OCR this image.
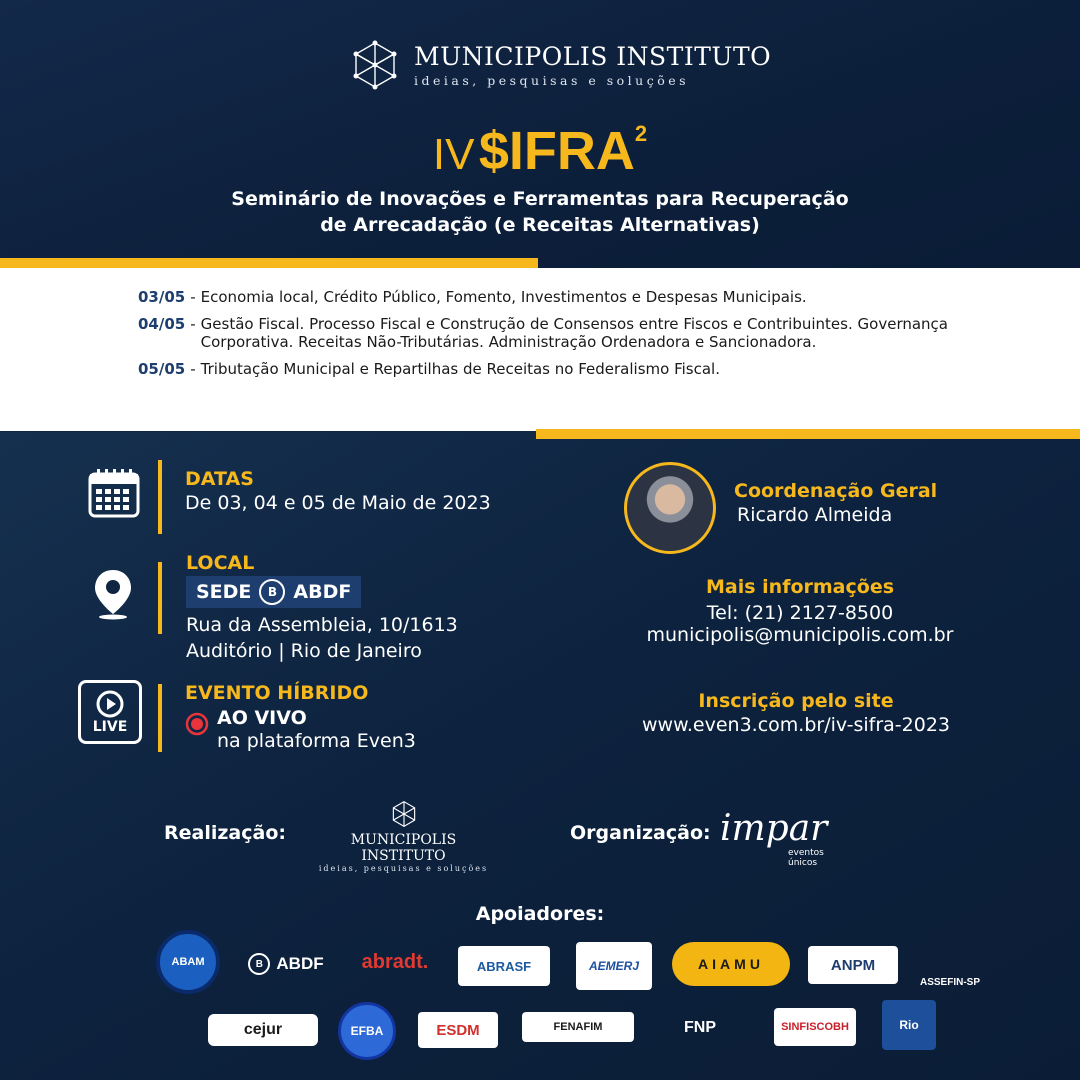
MUNICIPOLIS INSTITUTO
ideias, pesquisas e soluções
IV $IFRA$^2$
Seminário de Inovações e Ferramentas para Recuperação
de Arrecadação (e Receitas Alternativas)
03/05 - Economia local, Crédito Público, Fomento, Investimentos e Despesas Municipais.
04/05 - Gestão Fiscal. Processo Fiscal e Construção de Consensos entre Fiscos e Contribuintes. Governança Corporativa. Receitas Não-Tributárias. Administração Ordenadora e Sancionadora.
05/05 - Tributação Municipal e Repartilhas de Receitas no Federalismo Fiscal.
DATAS
De 03, 04 e 05 de Maio de 2023
LOCAL
SEDE	B ABDF
Rua da Assembleia, 10/1613
Auditório | Rio de Janeiro
LIVE
EVENTO HÍBRIDO
AO VIVO
na plataforma Even3
Coordenação Geral
Ricardo Almeida
Mais informações
Tel: (21) 2127-8500
municipolis@municipolis.com.br
Inscrição pelo site
www.even3.com.br/iv-sifra-2023
Realização:	MUNICIPOLIS INSTITUTO
ideias, pesquisas e soluções
Organização: impar
eventos únicos
Apoiadores:
ABAM	B ABDF abradt.	ABRASF	AEMERJ	AIAMU	ANPM
ASSEFIN-SP
cejur	EFBA	ESDM	FENAFIM	FNP	SINFISCOBH	Rio
